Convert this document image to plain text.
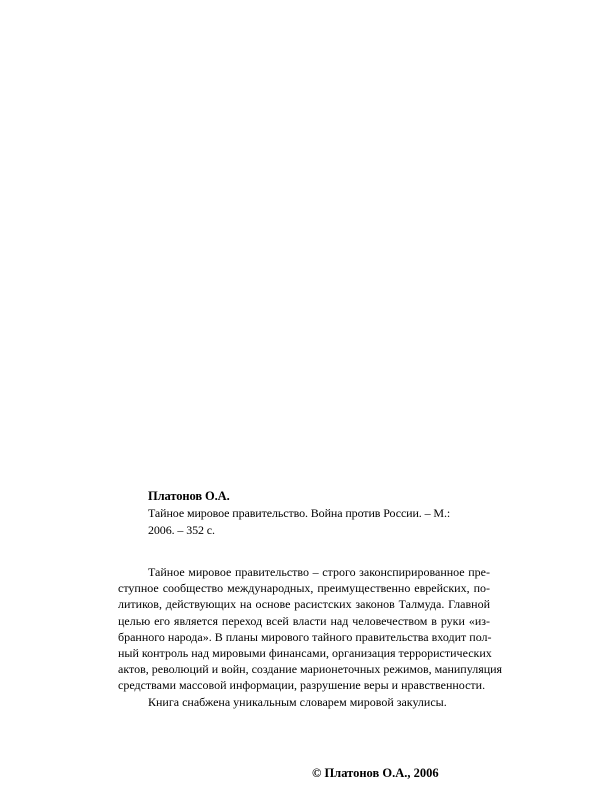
Платонов О.А.
Тайное мировое правительство. Война против России. – М.:
2006. – 352 с.
Тайное мировое правительство – строго законспирированное пре-
ступное сообщество международных, преимущественно еврейских, по-
литиков, действующих на основе расистских законов Талмуда. Главной
целью его является переход всей власти над человечеством в руки «из-
бранного народа». В планы мирового тайного правительства входит пол-
ный контроль над мировыми финансами, организация террористических
актов, революций и войн, создание марионеточных режимов, манипуляция
средствами массовой информации, разрушение веры и нравственности.
Книга снабжена уникальным словарем мировой закулисы.
© Платонов О.А., 2006
